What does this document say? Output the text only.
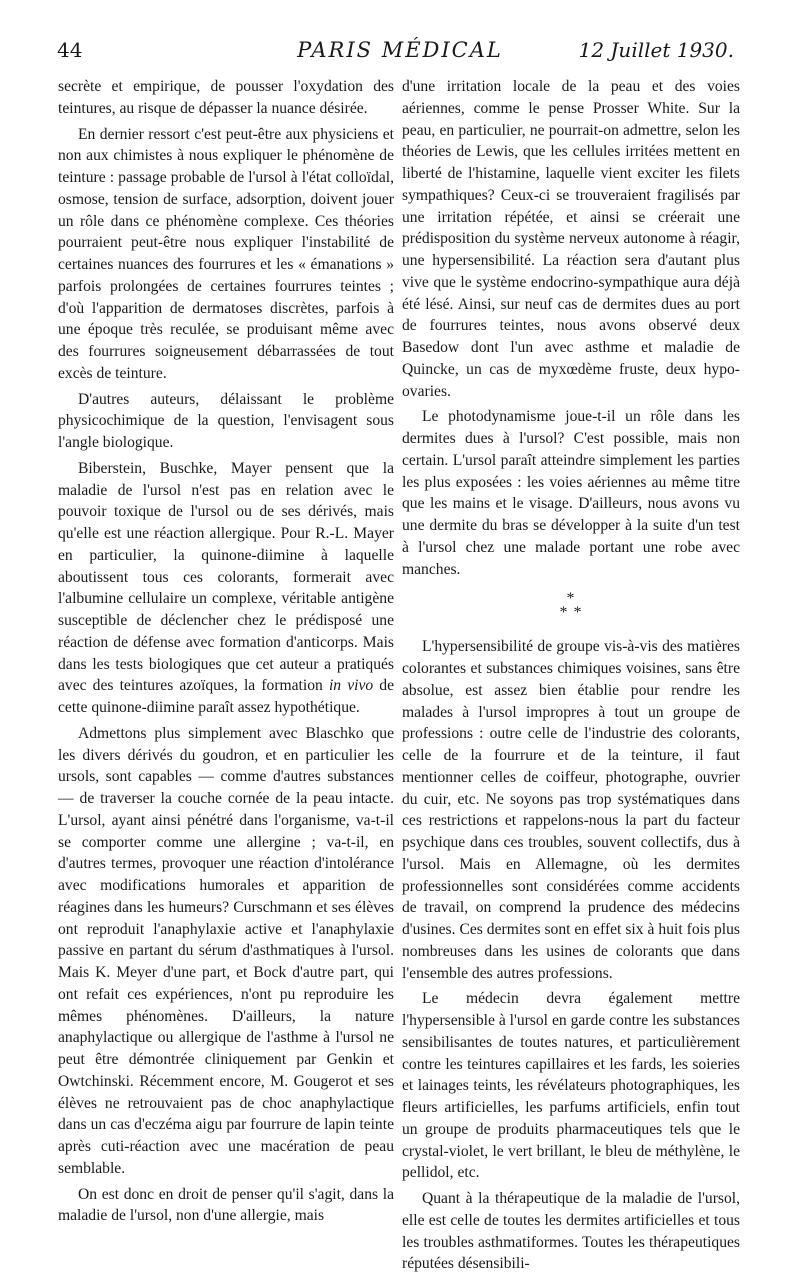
44	PARIS MÉDICAL	12 Juillet 1930.

secrète et empirique, de pousser l'oxydation des teintures, au risque de dépasser la nuance désirée.

En dernier ressort c'est peut-être aux physiciens et non aux chimistes à nous expliquer le phénomène de teinture : passage probable de l'ursol à l'état colloïdal, osmose, tension de surface, adsorption, doivent jouer un rôle dans ce phénomène complexe. Ces théories pourraient peut-être nous expliquer l'instabilité de certaines nuances des fourrures et les « émanations » parfois prolongées de certaines fourrures teintes ; d'où l'apparition de dermatoses discrètes, parfois à une époque très reculée, se produisant même avec des fourrures soigneusement débarrassées de tout excès de teinture.

D'autres auteurs, délaissant le problème physicochimique de la question, l'envisagent sous l'angle biologique.

Biberstein, Buschke, Mayer pensent que la maladie de l'ursol n'est pas en relation avec le pouvoir toxique de l'ursol ou de ses dérivés, mais qu'elle est une réaction allergique. Pour R.-L. Mayer en particulier, la quinone-diimine à laquelle aboutissent tous ces colorants, formerait avec l'albumine cellulaire un complexe, véritable antigène susceptible de déclencher chez le prédisposé une réaction de défense avec formation d'anticorps. Mais dans les tests biologiques que cet auteur a pratiqués avec des teintures azoïques, la formation in vivo de cette quinone-diimine paraît assez hypothétique.

Admettons plus simplement avec Blaschko que les divers dérivés du goudron, et en particulier les ursols, sont capables — comme d'autres substances — de traverser la couche cornée de la peau intacte. L'ursol, ayant ainsi pénétré dans l'organisme, va-t-il se comporter comme une allergine ; va-t-il, en d'autres termes, provoquer une réaction d'intolérance avec modifications humorales et apparition de réagines dans les humeurs? Curschmann et ses élèves ont reproduit l'anaphylaxie active et l'anaphylaxie passive en partant du sérum d'asthmatiques à l'ursol. Mais K. Meyer d'une part, et Bock d'autre part, qui ont refait ces expériences, n'ont pu reproduire les mêmes phénomènes. D'ailleurs, la nature anaphylactique ou allergique de l'asthme à l'ursol ne peut être démontrée cliniquement par Genkin et Owtchinski. Récemment encore, M. Gougerot et ses élèves ne retrouvaient pas de choc anaphylactique dans un cas d'eczéma aigu par fourrure de lapin teinte après cuti-réaction avec une macération de peau semblable.

On est donc en droit de penser qu'il s'agit, dans la maladie de l'ursol, non d'une allergie, mais

d'une irritation locale de la peau et des voies aériennes, comme le pense Prosser White. Sur la peau, en particulier, ne pourrait-on admettre, selon les théories de Lewis, que les cellules irritées mettent en liberté de l'histamine, laquelle vient exciter les filets sympathiques? Ceux-ci se trouveraient fragilisés par une irritation répétée, et ainsi se créerait une prédisposition du système nerveux autonome à réagir, une hypersensibilité. La réaction sera d'autant plus vive que le système endocrino-sympathique aura déjà été lésé. Ainsi, sur neuf cas de dermites dues au port de fourrures teintes, nous avons observé deux Basedow dont l'un avec asthme et maladie de Quincke, un cas de myxœdème fruste, deux hypo-ovaries.

Le photodynamisme joue-t-il un rôle dans les dermites dues à l'ursol? C'est possible, mais non certain. L'ursol paraît atteindre simplement les parties les plus exposées : les voies aériennes au même titre que les mains et le visage. D'ailleurs, nous avons vu une dermite du bras se développer à la suite d'un test à l'ursol chez une malade portant une robe avec manches.

*
* *

L'hypersensibilité de groupe vis-à-vis des matières colorantes et substances chimiques voisines, sans être absolue, est assez bien établie pour rendre les malades à l'ursol impropres à tout un groupe de professions : outre celle de l'industrie des colorants, celle de la fourrure et de la teinture, il faut mentionner celles de coiffeur, photographe, ouvrier du cuir, etc. Ne soyons pas trop systématiques dans ces restrictions et rappelons-nous la part du facteur psychique dans ces troubles, souvent collectifs, dus à l'ursol. Mais en Allemagne, où les dermites professionnelles sont considérées comme accidents de travail, on comprend la prudence des médecins d'usines. Ces dermites sont en effet six à huit fois plus nombreuses dans les usines de colorants que dans l'ensemble des autres professions.

Le médecin devra également mettre l'hypersensible à l'ursol en garde contre les substances sensibilisantes de toutes natures, et particulièrement contre les teintures capillaires et les fards, les soieries et lainages teints, les révélateurs photographiques, les fleurs artificielles, les parfums artificiels, enfin tout un groupe de produits pharmaceutiques tels que le crystal-violet, le vert brillant, le bleu de méthylène, le pellidol, etc.

Quant à la thérapeutique de la maladie de l'ursol, elle est celle de toutes les dermites artificielles et tous les troubles asthmatiformes. Toutes les thérapeutiques réputées désensibili-
